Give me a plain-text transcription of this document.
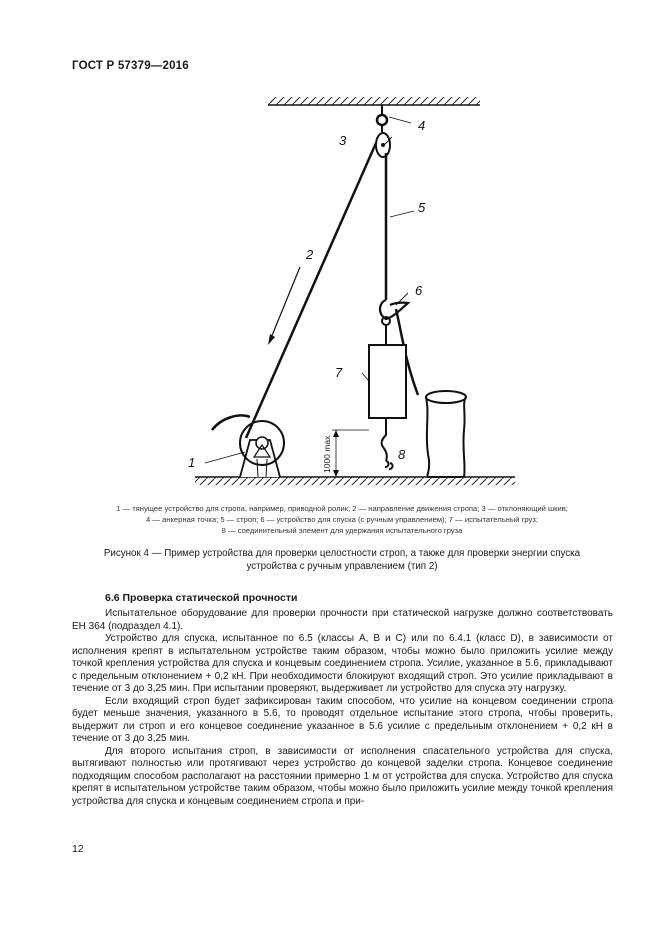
ГОСТ Р 57379—2016
1000 max
1
2
3
4
5
6
7
8
1 — тянущее устройство для стропа, например, приводной ролик; 2 — направление движения стропа; 3 — отклоняющий шкив;
4 — анкерная точка; 5 — строп; 6 — устройство для спуска (с ручным управлением); 7 — испытательный груз;
8 — соединительный элемент для удержания испытательного груза
Рисунок 4 — Пример устройства для проверки целостности строп, а также для проверки энергии спуска
устройства с ручным управлением (тип 2)
6.6 Проверка статической прочности

Испытательное оборудование для проверки прочности при статической нагрузке должно соответствовать ЕН 364 (подраздел 4.1).

Устройство для спуска, испытанное по 6.5 (классы А, В и С) или по 6.4.1 (класс D), в зависимости от исполнения крепят в испытательном устройстве таким образом, чтобы можно было приложить усилие между точкой крепления устройства для спуска и концевым соединением стропа. Усилие, указанное в 5.6, прикладывают с предельным отклонением + 0,2 кН. При необходимости блокируют входящий строп. Это усилие прикладывают в течение от 3 до 3,25 мин. При испытании проверяют, выдерживает ли устройство для спуска эту нагрузку.

Если входящий строп будет зафиксирован таким способом, что усилие на концевом соединении стропа будет меньше значения, указанного в 5.6, то проводят отдельное испытание этого стропа, чтобы проверить, выдержит ли строп и его концевое соединение указанное в 5.6 усилие с предельным отклонением + 0,2 кН в течение от 3 до 3,25 мин.

Для второго испытания строп, в зависимости от исполнения спасательного устройства для спуска, вытягивают полностью или протягивают через устройство до концевой заделки стропа. Концевое соединение подходящим способом располагают на расстоянии примерно 1 м от устройства для спуска. Устройство для спуска крепят в испытательном устройстве таким образом, чтобы можно было приложить усилие между точкой крепления устройства для спуска и концевым соединением стропа и при-

12
